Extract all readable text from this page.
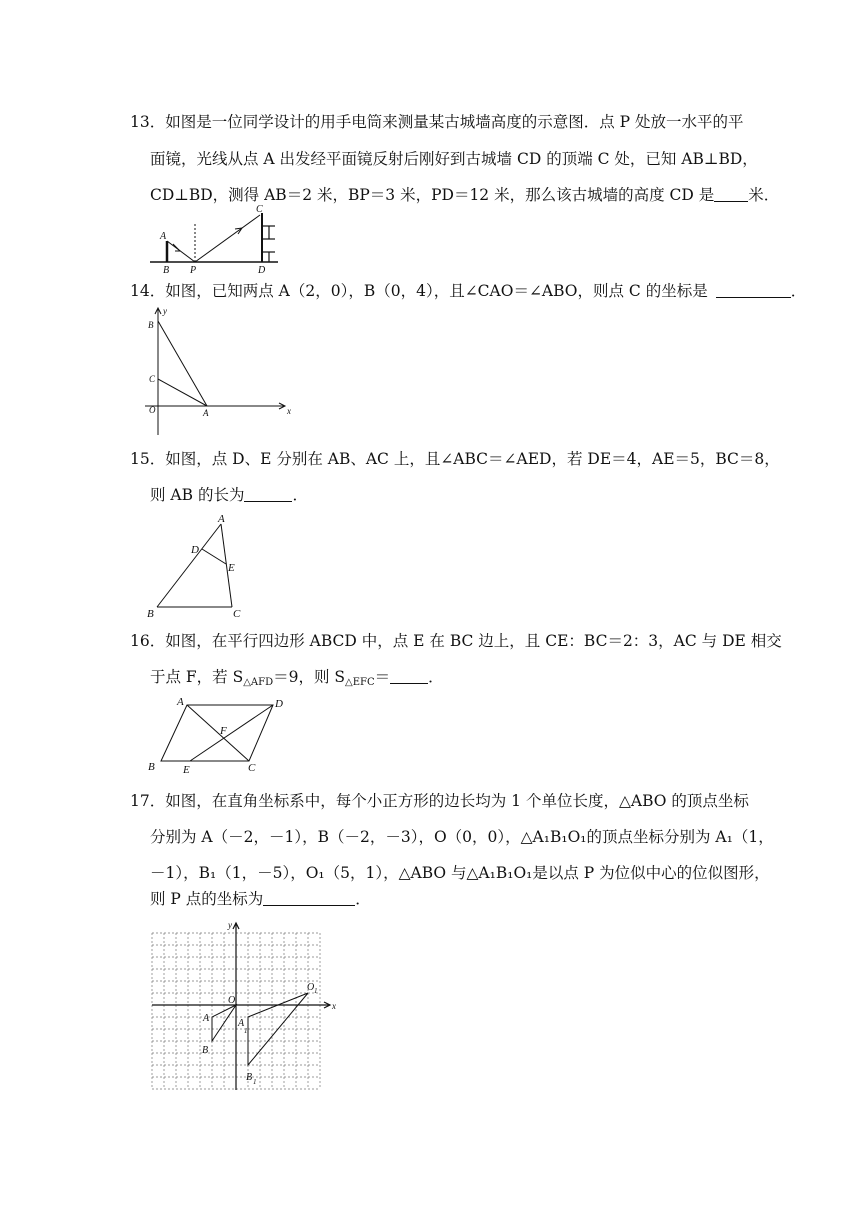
13．如图是一位同学设计的用手电筒来测量某古城墙高度的示意图．点 P 处放一水平的平
面镜，光线从点 A 出发经平面镜反射后刚好到古城墙 CD 的顶端 C 处，已知 AB⊥BD，
CD⊥BD，测得 AB＝2 米，BP＝3 米，PD＝12 米，那么该古城墙的高度 CD 是 米．
A
B P
C
D
14．如图，已知两点 A（2，0），B（0，4），且∠CAO＝∠ABO，则点 C 的坐标是	．
B
y
C
O	A	x
15．如图，点 D、E 分别在 AB、AC 上，且∠ABC＝∠AED，若 DE＝4，AE＝5，BC＝8，
则 AB 的长为	．
A
D
E
B	C
16．如图，在平行四边形 ABCD 中，点 E 在 BC 边上，且 CE：BC＝2：3，AC 与 DE 相交
于点 F，若 $S_{\triangle AFD}=9$，则 $S_{\triangle EFC}=$ ．
A	D
F
B	E	C
17．如图，在直角坐标系中，每个小正方形的边长均为 1 个单位长度，△ABO 的顶点坐标
分别为 A（－2，－1），B（－2，－3），O（0，0），△A₁B₁O₁的顶点坐标分别为 A₁（1，
－1），B₁（1，－5），O₁（5，1），△ABO 与△A₁B₁O₁是以点 P 为位似中心的位似图形，
则 P 点的坐标为	．
O
A
B
A
1
B 1
O 1
x
y
